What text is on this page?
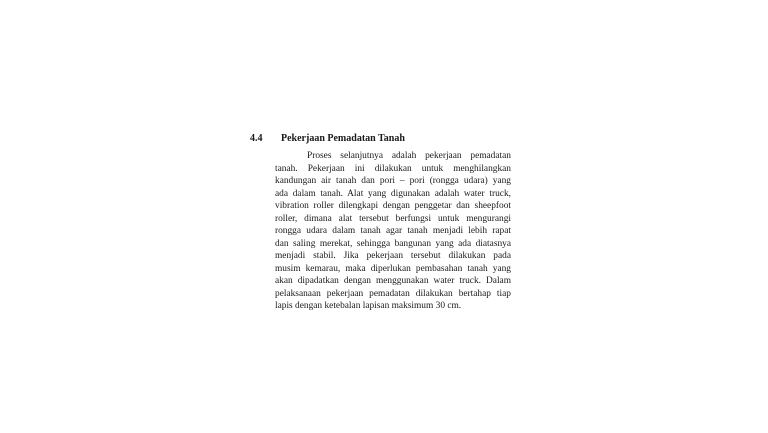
4.4 Pekerjaan Pemadatan Tanah
Proses selanjutnya adalah pekerjaan pemadatan
tanah. Pekerjaan ini dilakukan untuk menghilangkan
kandungan air tanah dan pori – pori (rongga udara) yang
ada dalam tanah. Alat yang digunakan adalah water truck,
vibration roller dilengkapi dengan penggetar dan sheepfoot
roller, dimana alat tersebut berfungsi untuk mengurangi
rongga udara dalam tanah agar tanah menjadi lebih rapat
dan saling merekat, sehingga bangunan yang ada diatasnya
menjadi stabil. Jika pekerjaan tersebut dilakukan pada
musim kemarau, maka diperlukan pembasahan tanah yang
akan dipadatkan dengan menggunakan water truck. Dalam
pelaksanaan pekerjaan pemadatan dilakukan bertahap tiap
lapis dengan ketebalan lapisan maksimum 30 cm.
